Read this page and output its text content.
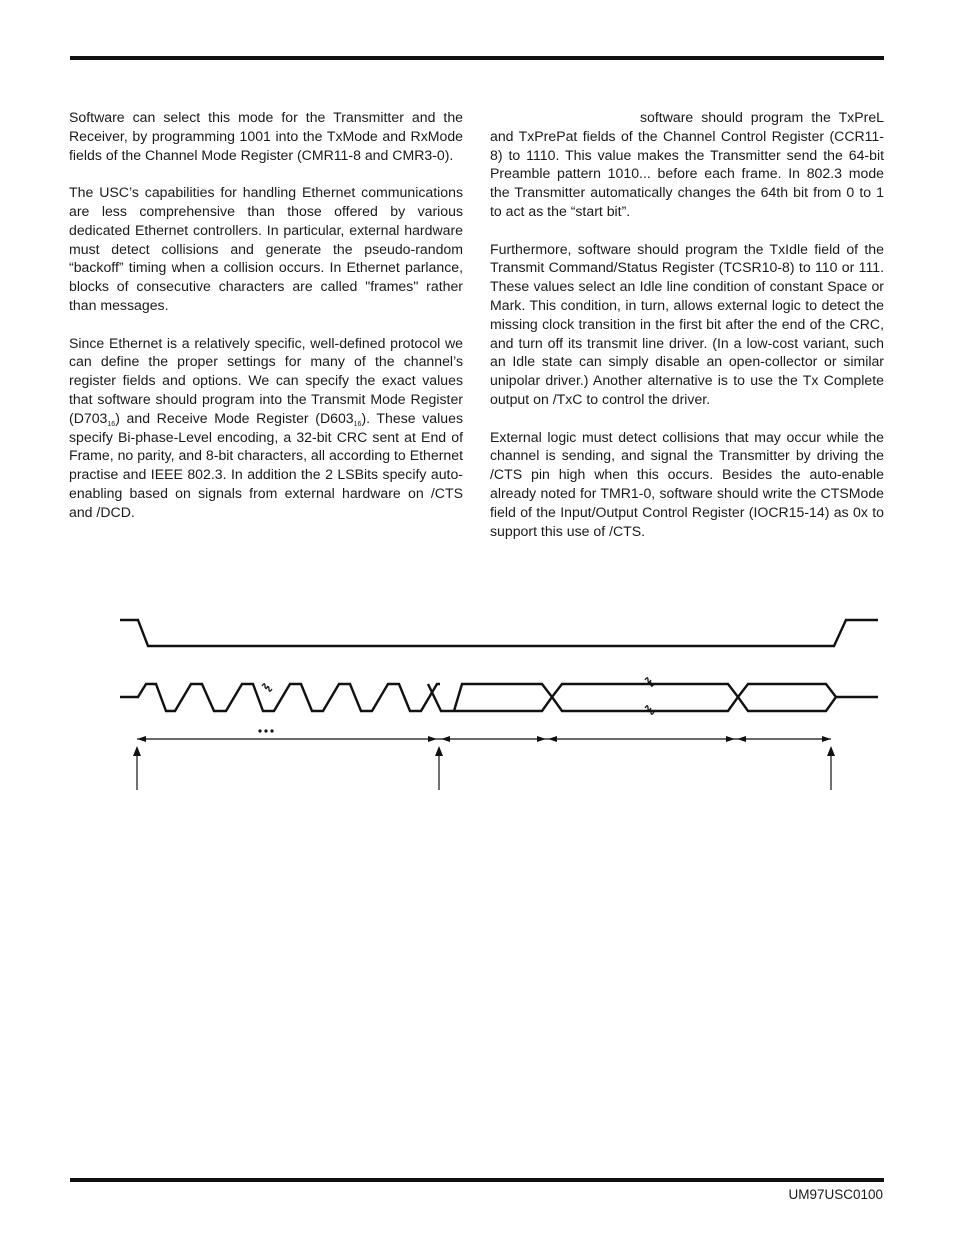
Software can select this mode for the Transmitter and the Receiver, by programming 1001 into the TxMode and RxMode fields of the Channel Mode Register (CMR11-8 and CMR3-0).

The USC’s capabilities for handling Ethernet communications are less comprehensive than those offered by various dedicated Ethernet controllers. In particular, external hardware must detect collisions and generate the pseudo-random “backoff” timing when a collision occurs. In Ethernet parlance, blocks of consecutive characters are called "frames" rather than messages.

Since Ethernet is a relatively specific, well-defined protocol we can define the proper settings for many of the channel’s register fields and options. We can specify the exact values that software should program into the Transmit Mode Register $(D703_{16})$ and Receive Mode Register $(D603_{16})$. These values specify Bi-phase-Level encoding, a 32-bit CRC sent at End of Frame, no parity, and 8-bit characters, all according to Ethernet practise and IEEE 802.3. In addition the 2 LSBits specify auto-enabling based on signals from external hardware on /CTS and /DCD.

software should program the TxPreL and TxPrePat fields of the Channel Control Register (CCR11-8) to 1110. This value makes the Transmitter send the 64-bit Preamble pattern 1010... before each frame. In 802.3 mode the Transmitter automatically changes the 64th bit from 0 to 1 to act as the “start bit”.

Furthermore, software should program the TxIdle field of the Transmit Command/Status Register (TCSR10-8) to 110 or 111. These values select an Idle line condition of constant Space or Mark. This condition, in turn, allows external logic to detect the missing clock transition in the first bit after the end of the CRC, and turn off its transmit line driver. (In a low-cost variant, such an Idle state can simply disable an open-collector or similar unipolar driver.) Another alternative is to use the Tx Complete output on /TxC to control the driver.

External logic must detect collisions that may occur while the channel is sending, and signal the Transmitter by driving the /CTS pin high when this occurs. Besides the auto-enable already noted for TMR1-0, software should write the CTSMode field of the Input/Output Control Register (IOCR15-14) as 0x to support this use of /CTS.

UM97USC0100
